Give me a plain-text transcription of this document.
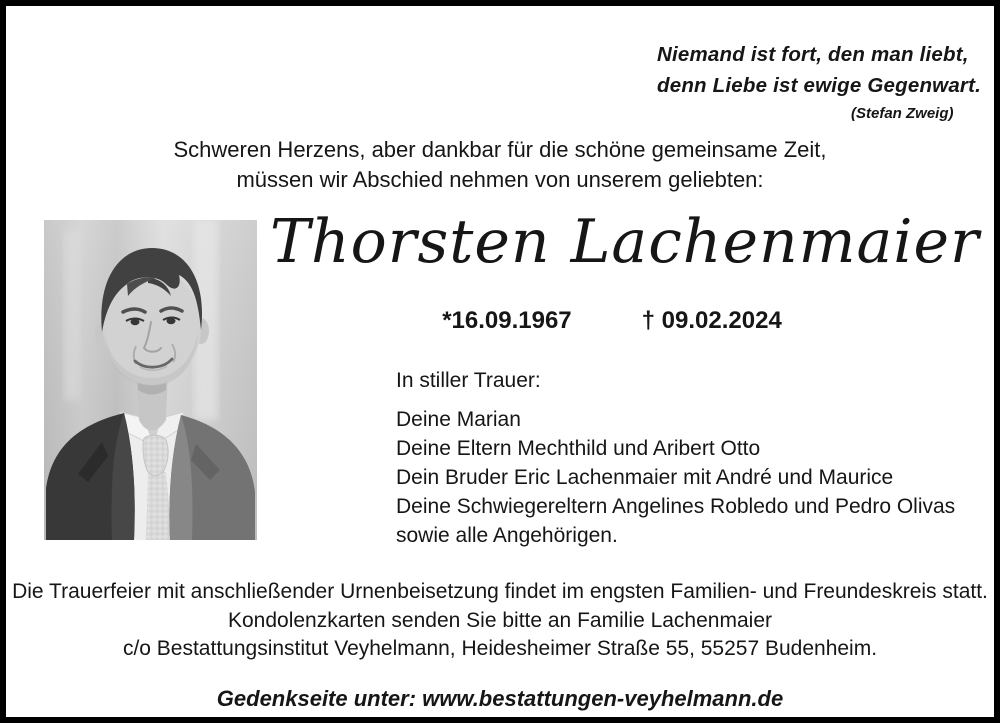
Niemand ist fort, den man liebt,
denn Liebe ist ewige Gegenwart.
(Stefan Zweig)
Schweren Herzens, aber dankbar für die schöne gemeinsame Zeit,
müssen wir Abschied nehmen von unserem geliebten:
Thorsten Lachenmaier
*16.09.1967	† 09.02.2024
In stiller Trauer:
Deine Marian
Deine Eltern Mechthild und Aribert Otto
Dein Bruder Eric Lachenmaier mit André und Maurice
Deine Schwiegereltern Angelines Robledo und Pedro Olivas
sowie alle Angehörigen.
Die Trauerfeier mit anschließender Urnenbeisetzung findet im engsten Familien- und Freundeskreis statt.
Kondolenzkarten senden Sie bitte an Familie Lachenmaier
c/o Bestattungsinstitut Veyhelmann, Heidesheimer Straße 55, 55257 Budenheim.
Gedenkseite unter: www.bestattungen-veyhelmann.de
